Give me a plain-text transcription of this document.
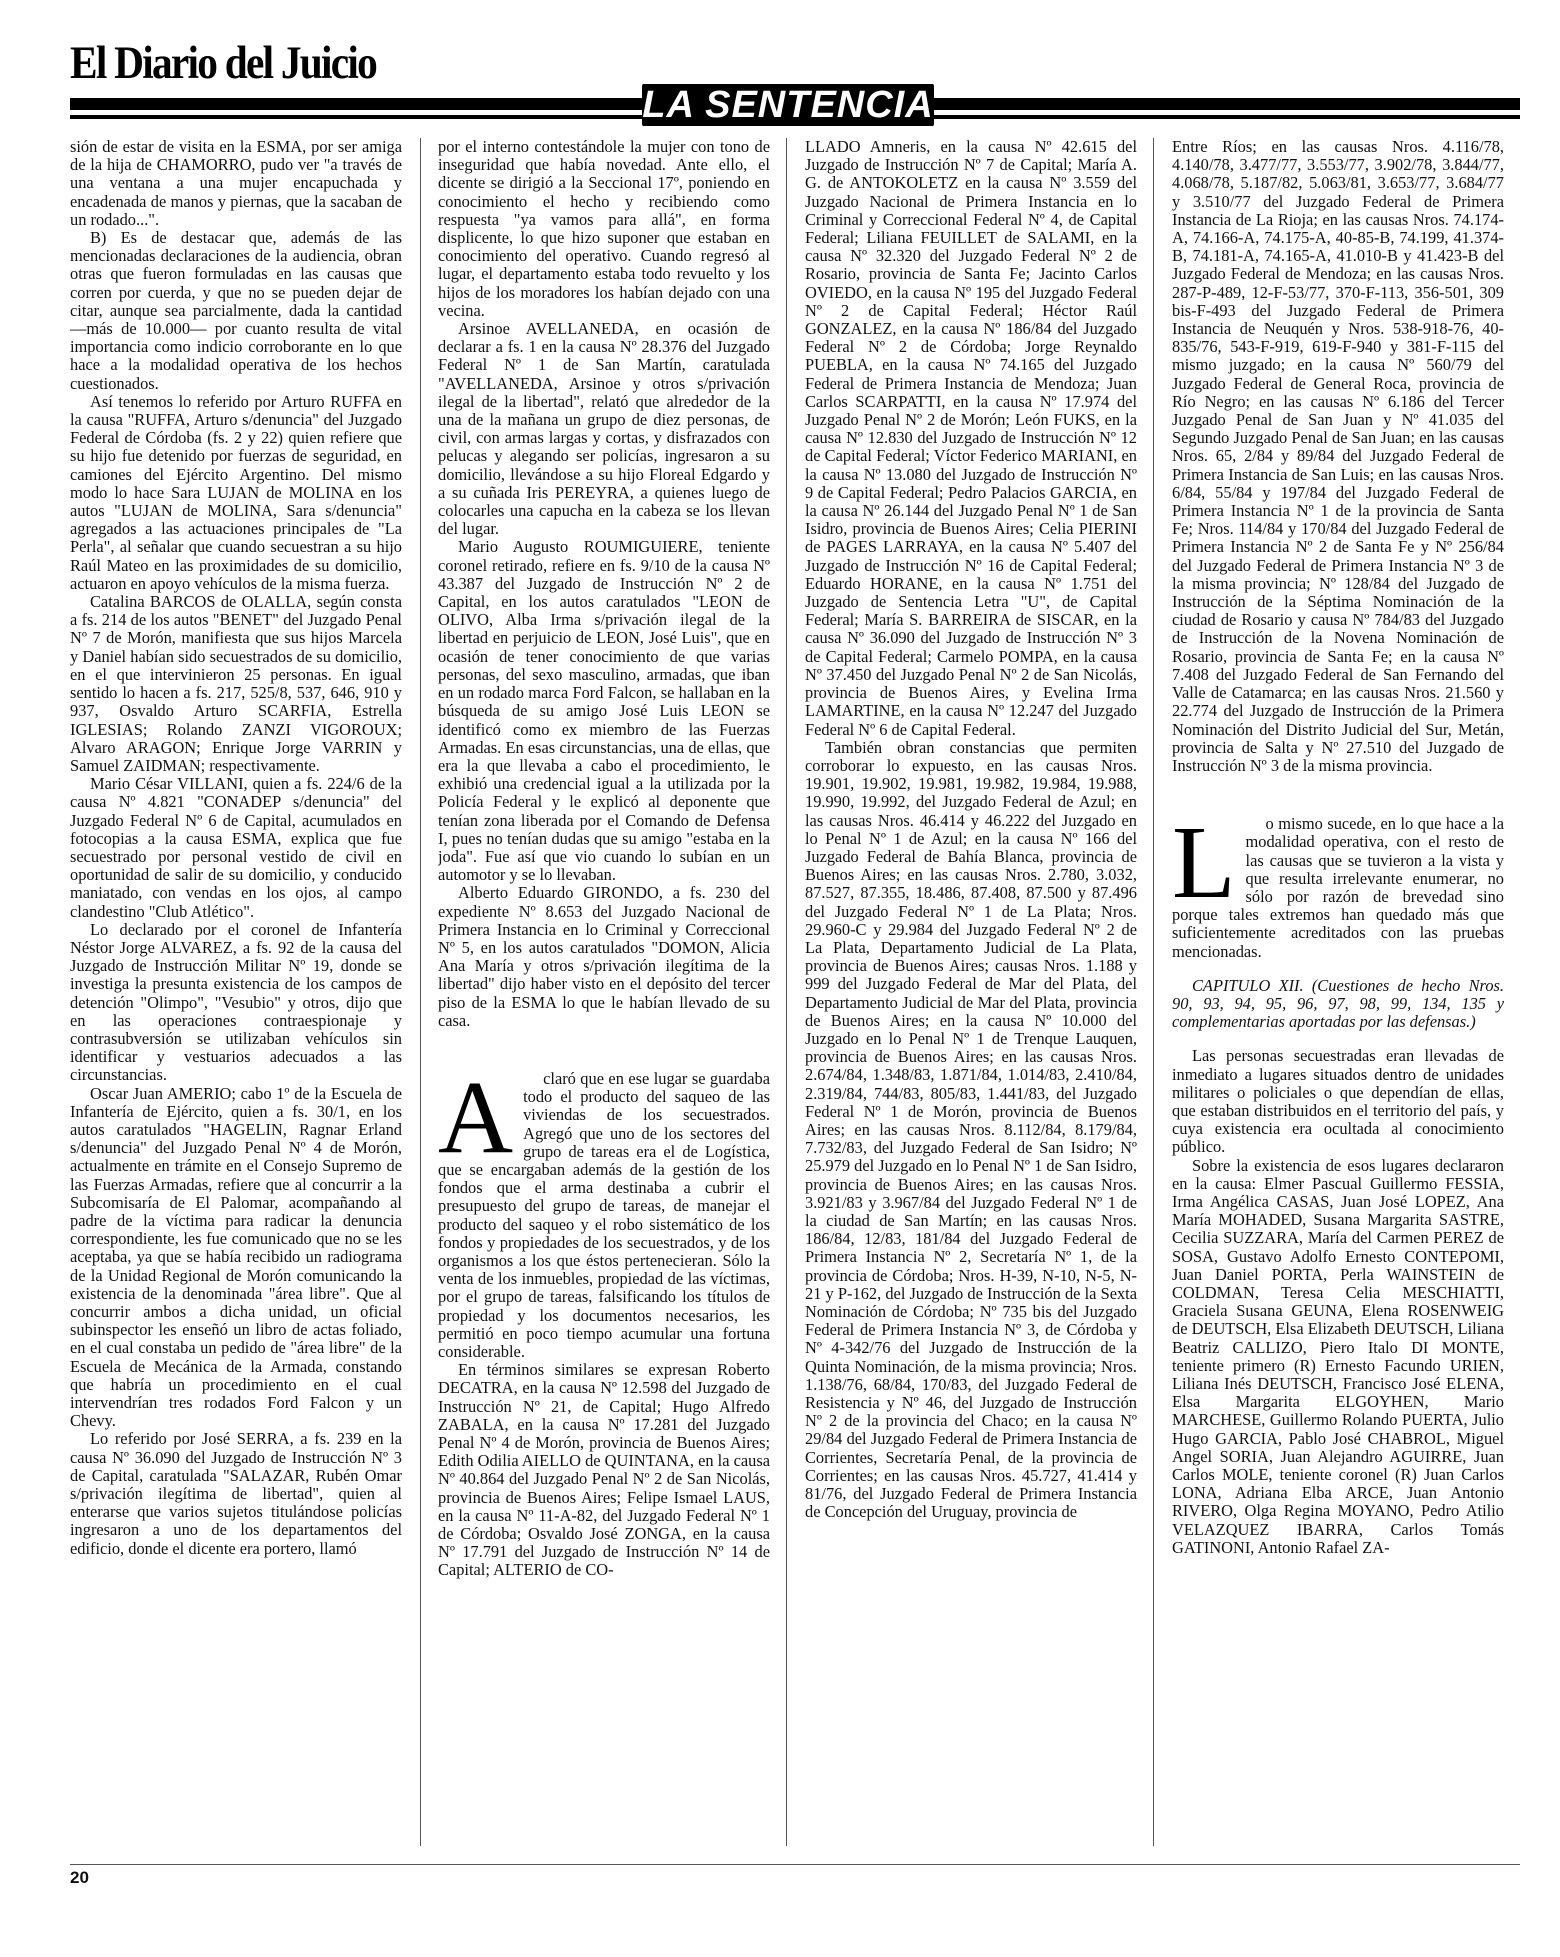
El Diario del Juicio
LA SENTENCIA

sión de estar de visita en la ESMA, por ser amiga de la hija de CHAMORRO, pudo ver "a través de una ventana a una mujer encapuchada y encadenada de manos y piernas, que la sacaban de un rodado...".

B) Es de destacar que, además de las mencionadas declaraciones de la audiencia, obran otras que fueron formuladas en las causas que corren por cuerda, y que no se pueden dejar de citar, aunque sea parcialmente, dada la cantidad —más de 10.000— por cuanto resulta de vital importancia como indicio corroborante en lo que hace a la modalidad operativa de los hechos cuestionados.

Así tenemos lo referido por Arturo RUFFA en la causa "RUFFA, Arturo s/denuncia" del Juzgado Federal de Córdoba (fs. 2 y 22) quien refiere que su hijo fue detenido por fuerzas de seguridad, en camiones del Ejército Argentino. Del mismo modo lo hace Sara LUJAN de MOLINA en los autos "LUJAN de MOLINA, Sara s/denuncia" agregados a las actuaciones principales de "La Perla", al señalar que cuando secuestran a su hijo Raúl Mateo en las proximidades de su domicilio, actuaron en apoyo vehículos de la misma fuerza.

Catalina BARCOS de OLALLA, según consta a fs. 214 de los autos "BENET" del Juzgado Penal Nº 7 de Morón, manifiesta que sus hijos Marcela y Daniel habían sido secuestrados de su domicilio, en el que intervinieron 25 personas. En igual sentido lo hacen a fs. 217, 525/8, 537, 646, 910 y 937, Osvaldo Arturo SCARFIA, Estrella IGLESIAS; Rolando ZANZI VIGOROUX; Alvaro ARAGON; Enrique Jorge VARRIN y Samuel ZAIDMAN; respectivamente.

Mario César VILLANI, quien a fs. 224/6 de la causa Nº 4.821 "CONADEP s/denuncia" del Juzgado Federal Nº 6 de Capital, acumulados en fotocopias a la causa ESMA, explica que fue secuestrado por personal vestido de civil en oportunidad de salir de su domicilio, y conducido maniatado, con vendas en los ojos, al campo clandestino "Club Atlético".

Lo declarado por el coronel de Infantería Néstor Jorge ALVAREZ, a fs. 92 de la causa del Juzgado de Instrucción Militar Nº 19, donde se investiga la presunta existencia de los campos de detención "Olimpo", "Vesubio" y otros, dijo que en las operaciones contraespionaje y contrasubversión se utilizaban vehículos sin identificar y vestuarios adecuados a las circunstancias.

Oscar Juan AMERIO; cabo 1º de la Escuela de Infantería de Ejército, quien a fs. 30/1, en los autos caratulados "HAGELIN, Ragnar Erland s/denuncia" del Juzgado Penal Nº 4 de Morón, actualmente en trámite en el Consejo Supremo de las Fuerzas Armadas, refiere que al concurrir a la Subcomisaría de El Palomar, acompañando al padre de la víctima para radicar la denuncia correspondiente, les fue comunicado que no se les aceptaba, ya que se había recibido un radiograma de la Unidad Regional de Morón comunicando la existencia de la denominada "área libre". Que al concurrir ambos a dicha unidad, un oficial subinspector les enseñó un libro de actas foliado, en el cual constaba un pedido de "área libre" de la Escuela de Mecánica de la Armada, constando que habría un procedimiento en el cual intervendrían tres rodados Ford Falcon y un Chevy.

Lo referido por José SERRA, a fs. 239 en la causa Nº 36.090 del Juzgado de Instrucción Nº 3 de Capital, caratulada "SALAZAR, Rubén Omar s/privación ilegítima de libertad", quien al enterarse que varios sujetos titulándose policías ingresaron a uno de los departamentos del edificio, donde el dicente era portero, llamó

por el interno contestándole la mujer con tono de inseguridad que había novedad. Ante ello, el dicente se dirigió a la Seccional 17º, poniendo en conocimiento el hecho y recibiendo como respuesta "ya vamos para allá", en forma displicente, lo que hizo suponer que estaban en conocimiento del operativo. Cuando regresó al lugar, el departamento estaba todo revuelto y los hijos de los moradores los habían dejado con una vecina.

Arsinoe AVELLANEDA, en ocasión de declarar a fs. 1 en la causa Nº 28.376 del Juzgado Federal Nº 1 de San Martín, caratulada "AVELLANEDA, Arsinoe y otros s/privación ilegal de la libertad", relató que alrededor de la una de la mañana un grupo de diez personas, de civil, con armas largas y cortas, y disfrazados con pelucas y alegando ser policías, ingresaron a su domicilio, llevándose a su hijo Floreal Edgardo y a su cuñada Iris PEREYRA, a quienes luego de colocarles una capucha en la cabeza se los llevan del lugar.

Mario Augusto ROUMIGUIERE, teniente coronel retirado, refiere en fs. 9/10 de la causa Nº 43.387 del Juzgado de Instrucción Nº 2 de Capital, en los autos caratulados "LEON de OLIVO, Alba Irma s/privación ilegal de la libertad en perjuicio de LEON, José Luis", que en ocasión de tener conocimiento de que varias personas, del sexo masculino, armadas, que iban en un rodado marca Ford Falcon, se hallaban en la búsqueda de su amigo José Luis LEON se identificó como ex miembro de las Fuerzas Armadas. En esas circunstancias, una de ellas, que era la que llevaba a cabo el procedimiento, le exhibió una credencial igual a la utilizada por la Policía Federal y le explicó al deponente que tenían zona liberada por el Comando de Defensa I, pues no tenían dudas que su amigo "estaba en la joda". Fue así que vio cuando lo subían en un automotor y se lo llevaban.

Alberto Eduardo GIRONDO, a fs. 230 del expediente Nº 8.653 del Juzgado Nacional de Primera Instancia en lo Criminal y Correccional Nº 5, en los autos caratulados "DOMON, Alicia Ana María y otros s/privación ilegítima de la libertad" dijo haber visto en el depósito del tercer piso de la ESMA lo que le habían llevado de su casa.

A	claró que en ese lugar se guardaba todo el producto del saqueo de las viviendas de los secuestrados. Agregó que uno de los sectores del grupo de tareas era el de Logística, que se encargaban además de la gestión de los fondos que el arma destinaba a cubrir el presupuesto del grupo de tareas, de manejar el producto del saqueo y el robo sistemático de los fondos y propiedades de los secuestrados, y de los organismos a los que éstos pertenecieran. Sólo la venta de los inmuebles, propiedad de las víctimas, por el grupo de tareas, falsificando los títulos de propiedad y los documentos necesarios, les permitió en poco tiempo acumular una fortuna considerable.

En términos similares se expresan Roberto DECATRA, en la causa Nº 12.598 del Juzgado de Instrucción Nº 21, de Capital; Hugo Alfredo ZABALA, en la causa Nº 17.281 del Juzgado Penal Nº 4 de Morón, provincia de Buenos Aires; Edith Odilia AIELLO de QUINTANA, en la causa Nº 40.864 del Juzgado Penal Nº 2 de San Nicolás, provincia de Buenos Aires; Felipe Ismael LAUS, en la causa Nº 11-A-82, del Juzgado Federal Nº 1 de Córdoba; Osvaldo José ZONGA, en la causa Nº 17.791 del Juzgado de Instrucción Nº 14 de Capital; ALTERIO de CO-

LLADO Amneris, en la causa Nº 42.615 del Juzgado de Instrucción Nº 7 de Capital; María A. G. de ANTOKOLETZ en la causa Nº 3.559 del Juzgado Nacional de Primera Instancia en lo Criminal y Correccional Federal Nº 4, de Capital Federal; Liliana FEUILLET de SALAMI, en la causa Nº 32.320 del Juzgado Federal Nº 2 de Rosario, provincia de Santa Fe; Jacinto Carlos OVIEDO, en la causa Nº 195 del Juzgado Federal Nº 2 de Capital Federal; Héctor Raúl GONZALEZ, en la causa Nº 186/84 del Juzgado Federal Nº 2 de Córdoba; Jorge Reynaldo PUEBLA, en la causa Nº 74.165 del Juzgado Federal de Primera Instancia de Mendoza; Juan Carlos SCARPATTI, en la causa Nº 17.974 del Juzgado Penal Nº 2 de Morón; León FUKS, en la causa Nº 12.830 del Juzgado de Instrucción Nº 12 de Capital Federal; Víctor Federico MARIANI, en la causa Nº 13.080 del Juzgado de Instrucción Nº 9 de Capital Federal; Pedro Palacios GARCIA, en la causa Nº 26.144 del Juzgado Penal Nº 1 de San Isidro, provincia de Buenos Aires; Celia PIERINI de PAGES LARRAYA, en la causa Nº 5.407 del Juzgado de Instrucción Nº 16 de Capital Federal; Eduardo HORANE, en la causa Nº 1.751 del Juzgado de Sentencia Letra "U", de Capital Federal; María S. BARREIRA de SISCAR, en la causa Nº 36.090 del Juzgado de Instrucción Nº 3 de Capital Federal; Carmelo POMPA, en la causa Nº 37.450 del Juzgado Penal Nº 2 de San Nicolás, provincia de Buenos Aires, y Evelina Irma LAMARTINE, en la causa Nº 12.247 del Juzgado Federal Nº 6 de Capital Federal.

También obran constancias que permiten corroborar lo expuesto, en las causas Nros. 19.901, 19.902, 19.981, 19.982, 19.984, 19.988, 19.990, 19.992, del Juzgado Federal de Azul; en las causas Nros. 46.414 y 46.222 del Juzgado en lo Penal Nº 1 de Azul; en la causa Nº 166 del Juzgado Federal de Bahía Blanca, provincia de Buenos Aires; en las causas Nros. 2.780, 3.032, 87.527, 87.355, 18.486, 87.408, 87.500 y 87.496 del Juzgado Federal Nº 1 de La Plata; Nros. 29.960-C y 29.984 del Juzgado Federal Nº 2 de La Plata, Departamento Judicial de La Plata, provincia de Buenos Aires; causas Nros. 1.188 y 999 del Juzgado Federal de Mar del Plata, del Departamento Judicial de Mar del Plata, provincia de Buenos Aires; en la causa Nº 10.000 del Juzgado en lo Penal Nº 1 de Trenque Lauquen, provincia de Buenos Aires; en las causas Nros. 2.674/84, 1.348/83, 1.871/84, 1.014/83, 2.410/84, 2.319/84, 744/83, 805/83, 1.441/83, del Juzgado Federal Nº 1 de Morón, provincia de Buenos Aires; en las causas Nros. 8.112/84, 8.179/84, 7.732/83, del Juzgado Federal de San Isidro; Nº 25.979 del Juzgado en lo Penal Nº 1 de San Isidro, provincia de Buenos Aires; en las causas Nros. 3.921/83 y 3.967/84 del Juzgado Federal Nº 1 de la ciudad de San Martín; en las causas Nros. 186/84, 12/83, 181/84 del Juzgado Federal de Primera Instancia Nº 2, Secretaría Nº 1, de la provincia de Córdoba; Nros. H-39, N-10, N-5, N-21 y P-162, del Juzgado de Instrucción de la Sexta Nominación de Córdoba; Nº 735 bis del Juzgado Federal de Primera Instancia Nº 3, de Córdoba y Nº 4-342/76 del Juzgado de Instrucción de la Quinta Nominación, de la misma provincia; Nros. 1.138/76, 68/84, 170/83, del Juzgado Federal de Resistencia y Nº 46, del Juzgado de Instrucción Nº 2 de la provincia del Chaco; en la causa Nº 29/84 del Juzgado Federal de Primera Instancia de Corrientes, Secretaría Penal, de la provincia de Corrientes; en las causas Nros. 45.727, 41.414 y 81/76, del Juzgado Federal de Primera Instancia de Concepción del Uruguay, provincia de

Entre Ríos; en las causas Nros. 4.116/78, 4.140/78, 3.477/77, 3.553/77, 3.902/78, 3.844/77, 4.068/78, 5.187/82, 5.063/81, 3.653/77, 3.684/77 y 3.510/77 del Juzgado Federal de Primera Instancia de La Rioja; en las causas Nros. 74.174-A, 74.166-A, 74.175-A, 40-85-B, 74.199, 41.374-B, 74.181-A, 74.165-A, 41.010-B y 41.423-B del Juzgado Federal de Mendoza; en las causas Nros. 287-P-489, 12-F-53/77, 370-F-113, 356-501, 309 bis-F-493 del Juzgado Federal de Primera Instancia de Neuquén y Nros. 538-918-76, 40-835/76, 543-F-919, 619-F-940 y 381-F-115 del mismo juzgado; en la causa Nº 560/79 del Juzgado Federal de General Roca, provincia de Río Negro; en las causas Nº 6.186 del Tercer Juzgado Penal de San Juan y Nº 41.035 del Segundo Juzgado Penal de San Juan; en las causas Nros. 65, 2/84 y 89/84 del Juzgado Federal de Primera Instancia de San Luis; en las causas Nros. 6/84, 55/84 y 197/84 del Juzgado Federal de Primera Instancia Nº 1 de la provincia de Santa Fe; Nros. 114/84 y 170/84 del Juzgado Federal de Primera Instancia Nº 2 de Santa Fe y Nº 256/84 del Juzgado Federal de Primera Instancia Nº 3 de la misma provincia; Nº 128/84 del Juzgado de Instrucción de la Séptima Nominación de la ciudad de Rosario y causa Nº 784/83 del Juzgado de Instrucción de la Novena Nominación de Rosario, provincia de Santa Fe; en la causa Nº 7.408 del Juzgado Federal de San Fernando del Valle de Catamarca; en las causas Nros. 21.560 y 22.774 del Juzgado de Instrucción de la Primera Nominación del Distrito Judicial del Sur, Metán, provincia de Salta y Nº 27.510 del Juzgado de Instrucción Nº 3 de la misma provincia.

L	o mismo sucede, en lo que hace a la modalidad operativa, con el resto de las causas que se tuvieron a la vista y que resulta irrelevante enumerar, no sólo por razón de brevedad sino porque tales extremos han quedado más que suficientemente acreditados con las pruebas mencionadas.

CAPITULO XII. (Cuestiones de hecho Nros. 90, 93, 94, 95, 96, 97, 98, 99, 134, 135 y complementarias aportadas por las defensas.)

Las personas secuestradas eran llevadas de inmediato a lugares situados dentro de unidades militares o policiales o que dependían de ellas, que estaban distribuidos en el territorio del país, y cuya existencia era ocultada al conocimiento público.

Sobre la existencia de esos lugares declararon en la causa: Elmer Pascual Guillermo FESSIA, Irma Angélica CASAS, Juan José LOPEZ, Ana María MOHADED, Susana Margarita SASTRE, Cecilia SUZZARA, María del Carmen PEREZ de SOSA, Gustavo Adolfo Ernesto CONTEPOMI, Juan Daniel PORTA, Perla WAINSTEIN de COLDMAN, Teresa Celia MESCHIATTI, Graciela Susana GEUNA, Elena ROSENWEIG de DEUTSCH, Elsa Elizabeth DEUTSCH, Liliana Beatriz CALLIZO, Piero Italo DI MONTE, teniente primero (R) Ernesto Facundo URIEN, Liliana Inés DEUTSCH, Francisco José ELENA, Elsa Margarita ELGOYHEN, Mario MARCHESE, Guillermo Rolando PUERTA, Julio Hugo GARCIA, Pablo José CHABROL, Miguel Angel SORIA, Juan Alejandro AGUIRRE, Juan Carlos MOLE, teniente coronel (R) Juan Carlos LONA, Adriana Elba ARCE, Juan Antonio RIVERO, Olga Regina MOYANO, Pedro Atilio VELAZQUEZ IBARRA, Carlos Tomás GATINONI, Antonio Rafael ZA-

20
